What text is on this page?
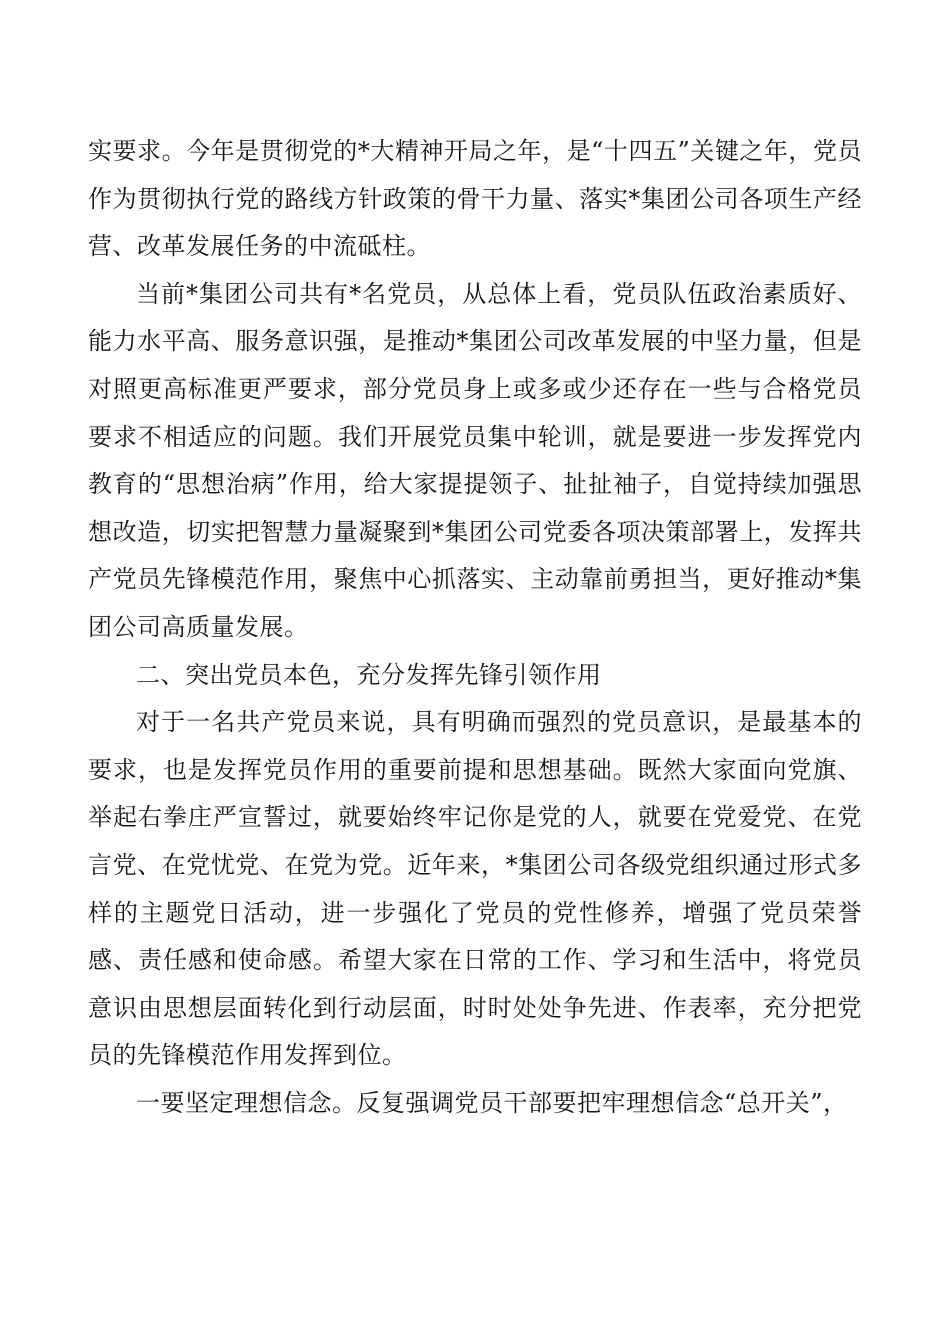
实要求。今年是贯彻党的*大精神开局之年，是“十四五”关键之年，党员作为贯彻执行党的路线方针政策的骨干力量、落实*集团公司各项生产经营、改革发展任务的中流砥柱。

当前*集团公司共有*名党员，从总体上看，党员队伍政治素质好、能力水平高、服务意识强，是推动*集团公司改革发展的中坚力量，但是对照更高标准更严要求，部分党员身上或多或少还存在一些与合格党员要求不相适应的问题。我们开展党员集中轮训，就是要进一步发挥党内教育的“思想治病”作用，给大家提提领子、扯扯袖子，自觉持续加强思想改造，切实把智慧力量凝聚到*集团公司党委各项决策部署上，发挥共产党员先锋模范作用，聚焦中心抓落实、主动靠前勇担当，更好推动*集团公司高质量发展。

二、突出党员本色，充分发挥先锋引领作用

对于一名共产党员来说，具有明确而强烈的党员意识，是最基本的要求，也是发挥党员作用的重要前提和思想基础。既然大家面向党旗、举起右拳庄严宣誓过，就要始终牢记你是党的人，就要在党爱党、在党言党、在党忧党、在党为党。近年来，*集团公司各级党组织通过形式多样的主题党日活动，进一步强化了党员的党性修养，增强了党员荣誉感、责任感和使命感。希望大家在日常的工作、学习和生活中，将党员意识由思想层面转化到行动层面，时时处处争先进、作表率，充分把党员的先锋模范作用发挥到位。

一要坚定理想信念。反复强调党员干部要把牢理想信念“总开关”，
